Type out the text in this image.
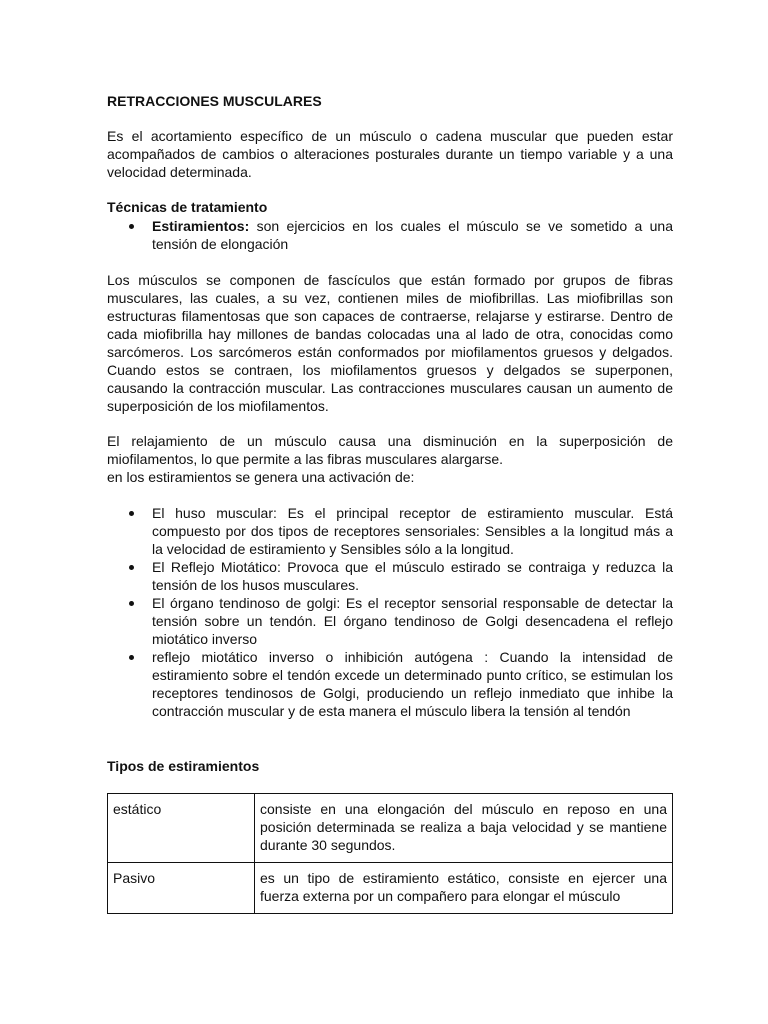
RETRACCIONES MUSCULARES

Es el acortamiento específico de un músculo o cadena muscular que pueden estar acompañados de cambios o alteraciones posturales durante un tiempo variable y a una velocidad determinada.

Técnicas de tratamiento
Estiramientos: son ejercicios en los cuales el músculo se ve sometido a una tensión de elongación

Los músculos se componen de fascículos que están formado por grupos de fibras musculares, las cuales, a su vez, contienen miles de miofibrillas. Las miofibrillas son estructuras filamentosas que son capaces de contraerse, relajarse y estirarse. Dentro de cada miofibrilla hay millones de bandas colocadas una al lado de otra, conocidas como sarcómeros. Los sarcómeros están conformados por miofilamentos gruesos y delgados. Cuando estos se contraen, los miofilamentos gruesos y delgados se superponen, causando la contracción muscular. Las contracciones musculares causan un aumento de superposición de los miofilamentos.

El relajamiento de un músculo causa una disminución en la superposición de miofilamentos, lo que permite a las fibras musculares alargarse.

en los estiramientos se genera una activación de:

El huso muscular: Es el principal receptor de estiramiento muscular. Está compuesto por dos tipos de receptores sensoriales: Sensibles a la longitud más a la velocidad de estiramiento y Sensibles sólo a la longitud.
El Reflejo Miotático: Provoca que el músculo estirado se contraiga y reduzca la tensión de los husos musculares.
El órgano tendinoso de golgi: Es el receptor sensorial responsable de detectar la tensión sobre un tendón. El órgano tendinoso de Golgi desencadena el reflejo miotático inverso
reflejo miotático inverso o inhibición autógena : Cuando la intensidad de estiramiento sobre el tendón excede un determinado punto crítico, se estimulan los receptores tendinosos de Golgi, produciendo un reflejo inmediato que inhibe la contracción muscular y de esta manera el músculo libera la tensión al tendón
Tipos de estiramientos
estático	consiste en una elongación del músculo en reposo en una posición determinada se realiza a baja velocidad y se mantiene durante 30 segundos.
Pasivo	es un tipo de estiramiento estático, consiste en ejercer una fuerza externa por un compañero para elongar el músculo
